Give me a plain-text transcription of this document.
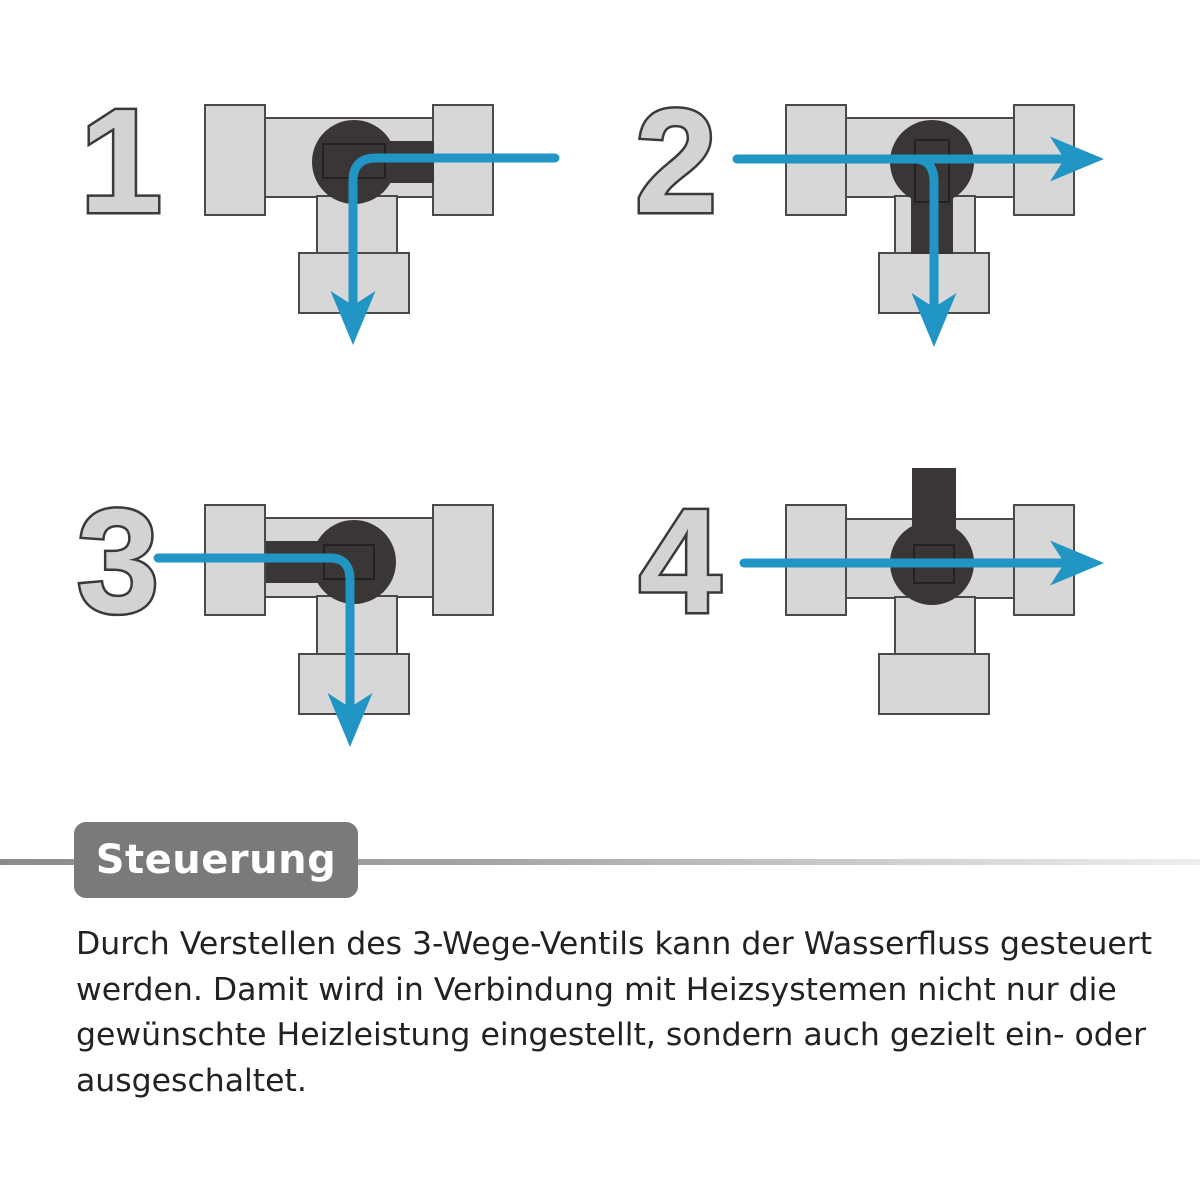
1	2
3	4
Steuerung

Durch Verstellen des 3-Wege-Ventils kann der Wasserfluss gesteuert werden. Damit wird in Verbindung mit Heizsystemen nicht nur die gewünschte Heizleistung eingestellt, sondern auch gezielt ein- oder ausgeschaltet.
